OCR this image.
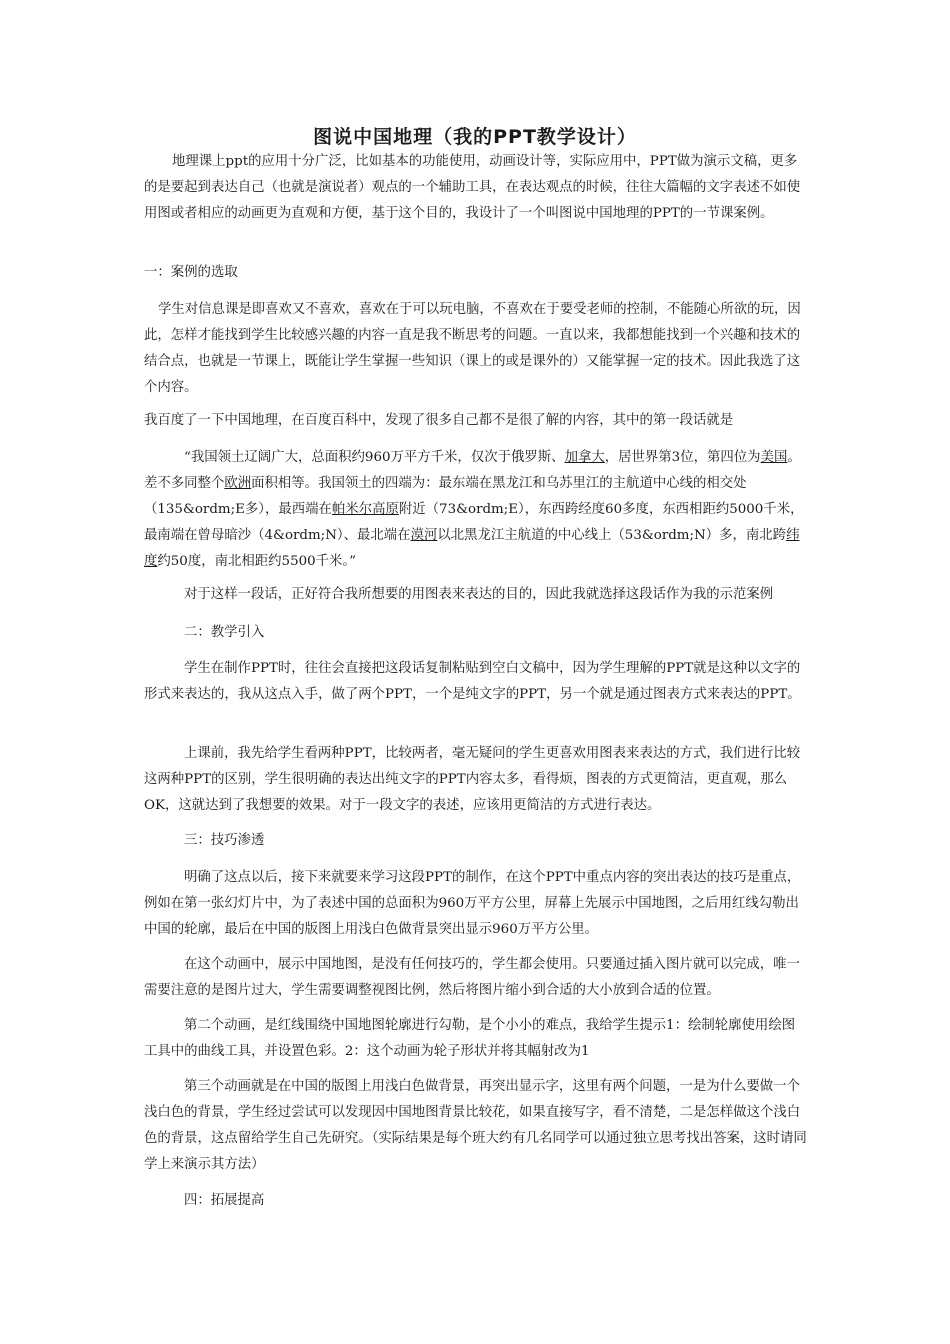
图说中国地理（我的PPT教学设计）

地理课上ppt的应用十分广泛，比如基本的功能使用，动画设计等，实际应用中，PPT做为演示文稿，更多的是要起到表达自己（也就是演说者）观点的一个辅助工具，在表达观点的时候，往往大篇幅的文字表述不如使用图或者相应的动画更为直观和方便，基于这个目的，我设计了一个叫图说中国地理的PPT的一节课案例。

一：案例的选取

学生对信息课是即喜欢又不喜欢，喜欢在于可以玩电脑，不喜欢在于要受老师的控制，不能随心所欲的玩，因此，怎样才能找到学生比较感兴趣的内容一直是我不断思考的问题。一直以来，我都想能找到一个兴趣和技术的结合点，也就是一节课上，既能让学生掌握一些知识（课上的或是课外的）又能掌握一定的技术。因此我选了这个内容。

我百度了一下中国地理，在百度百科中，发现了很多自己都不是很了解的内容，其中的第一段话就是

“我国领土辽阔广大，总面积约960万平方千米，仅次于俄罗斯、加拿大，居世界第3位，第四位为美国。差不多同整个欧洲面积相等。我国领土的四端为：最东端在黑龙江和乌苏里江的主航道中心线的相交处（135&ordm;E多），最西端在帕米尔高原附近（73&ordm;E），东西跨经度60多度，东西相距约5000千米，最南端在曾母暗沙（4&ordm;N）、最北端在漠河以北黑龙江主航道的中心线上（53&ordm;N）多，南北跨纬度约50度，南北相距约5500千米。”

对于这样一段话，正好符合我所想要的用图表来表达的目的，因此我就选择这段话作为我的示范案例

二：教学引入

学生在制作PPT时，往往会直接把这段话复制粘贴到空白文稿中，因为学生理解的PPT就是这种以文字的形式来表达的，我从这点入手，做了两个PPT，一个是纯文字的PPT，另一个就是通过图表方式来表达的PPT。

上课前，我先给学生看两种PPT，比较两者，毫无疑问的学生更喜欢用图表来表达的方式，我们进行比较这两种PPT的区别，学生很明确的表达出纯文字的PPT内容太多，看得烦，图表的方式更简洁，更直观，那么OK，这就达到了我想要的效果。对于一段文字的表述，应该用更简洁的方式进行表达。

三：技巧渗透

明确了这点以后，接下来就要来学习这段PPT的制作，在这个PPT中重点内容的突出表达的技巧是重点，例如在第一张幻灯片中，为了表述中国的总面积为960万平方公里，屏幕上先展示中国地图，之后用红线勾勒出中国的轮廓，最后在中国的版图上用浅白色做背景突出显示960万平方公里。

在这个动画中，展示中国地图，是没有任何技巧的，学生都会使用。只要通过插入图片就可以完成，唯一需要注意的是图片过大，学生需要调整视图比例，然后将图片缩小到合适的大小放到合适的位置。

第二个动画，是红线围绕中国地图轮廓进行勾勒，是个小小的难点，我给学生提示1：绘制轮廓使用绘图工具中的曲线工具，并设置色彩。2：这个动画为轮子形状并将其幅射改为1

第三个动画就是在中国的版图上用浅白色做背景，再突出显示字，这里有两个问题，一是为什么要做一个浅白色的背景，学生经过尝试可以发现因中国地图背景比较花，如果直接写字，看不清楚，二是怎样做这个浅白色的背景，这点留给学生自己先研究。（实际结果是每个班大约有几名同学可以通过独立思考找出答案，这时请同学上来演示其方法）

四：拓展提高
